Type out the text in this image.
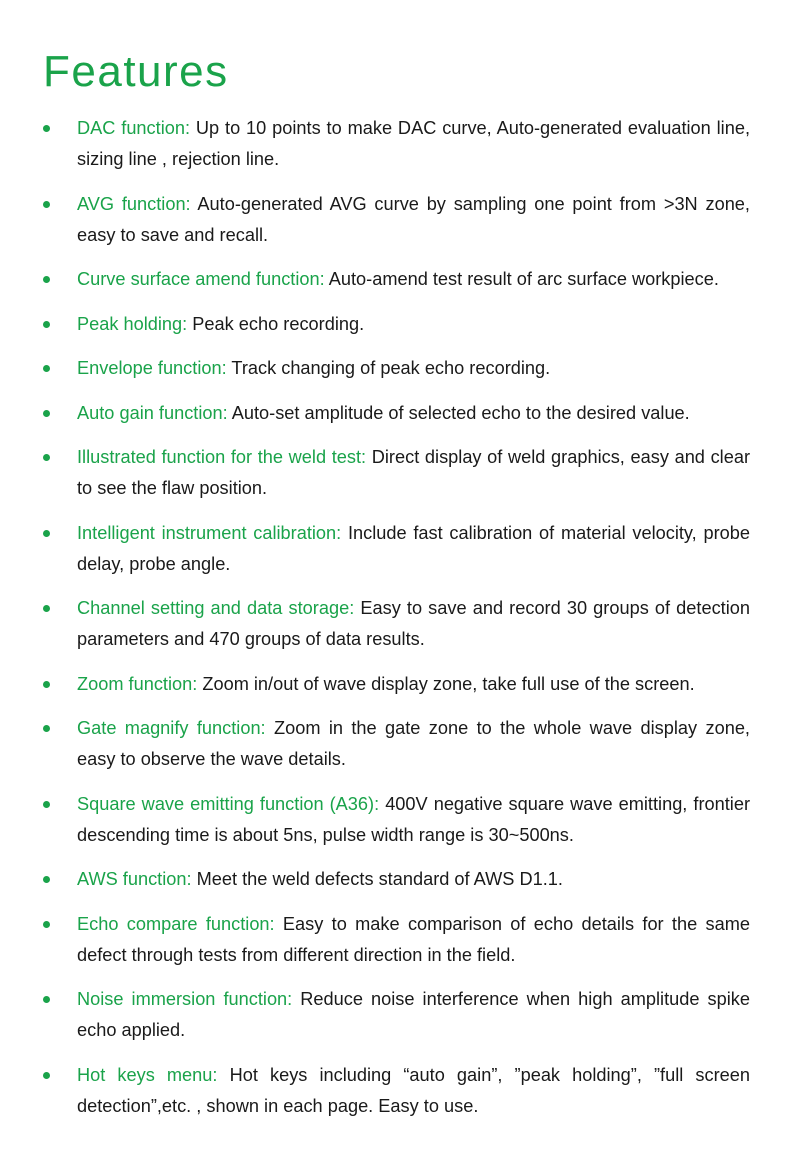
Features
DAC function: Up to 10 points to make DAC curve, Auto-generated evaluation line, sizing line , rejection line.
AVG function: Auto-generated AVG curve by sampling one point from >3N zone, easy to save and recall.
Curve surface amend function: Auto-amend test result of arc surface workpiece.
Peak holding: Peak echo recording.
Envelope function: Track changing of peak echo recording.
Auto gain function: Auto-set amplitude of selected echo to the desired value.
Illustrated function for the weld test: Direct display of weld graphics, easy and clear to see the flaw position.
Intelligent instrument calibration: Include fast calibration of material velocity, probe delay, probe angle.
Channel setting and data storage: Easy to save and record 30 groups of detection parameters and 470 groups of data results.
Zoom function: Zoom in/out of wave display zone, take full use of the screen.
Gate magnify function: Zoom in the gate zone to the whole wave display zone, easy to observe the wave details.
Square wave emitting function (A36): 400V negative square wave emitting, frontier descending time is about 5ns, pulse width range is 30~500ns.
AWS function: Meet the weld defects standard of AWS D1.1.
Echo compare function: Easy to make comparison of echo details for the same defect through tests from different direction in the field.
Noise immersion function: Reduce noise interference when high amplitude spike echo applied.
Hot keys menu: Hot keys including “auto gain”, ”peak holding”, ”full screen detection”,etc. , shown in each page. Easy to use.
